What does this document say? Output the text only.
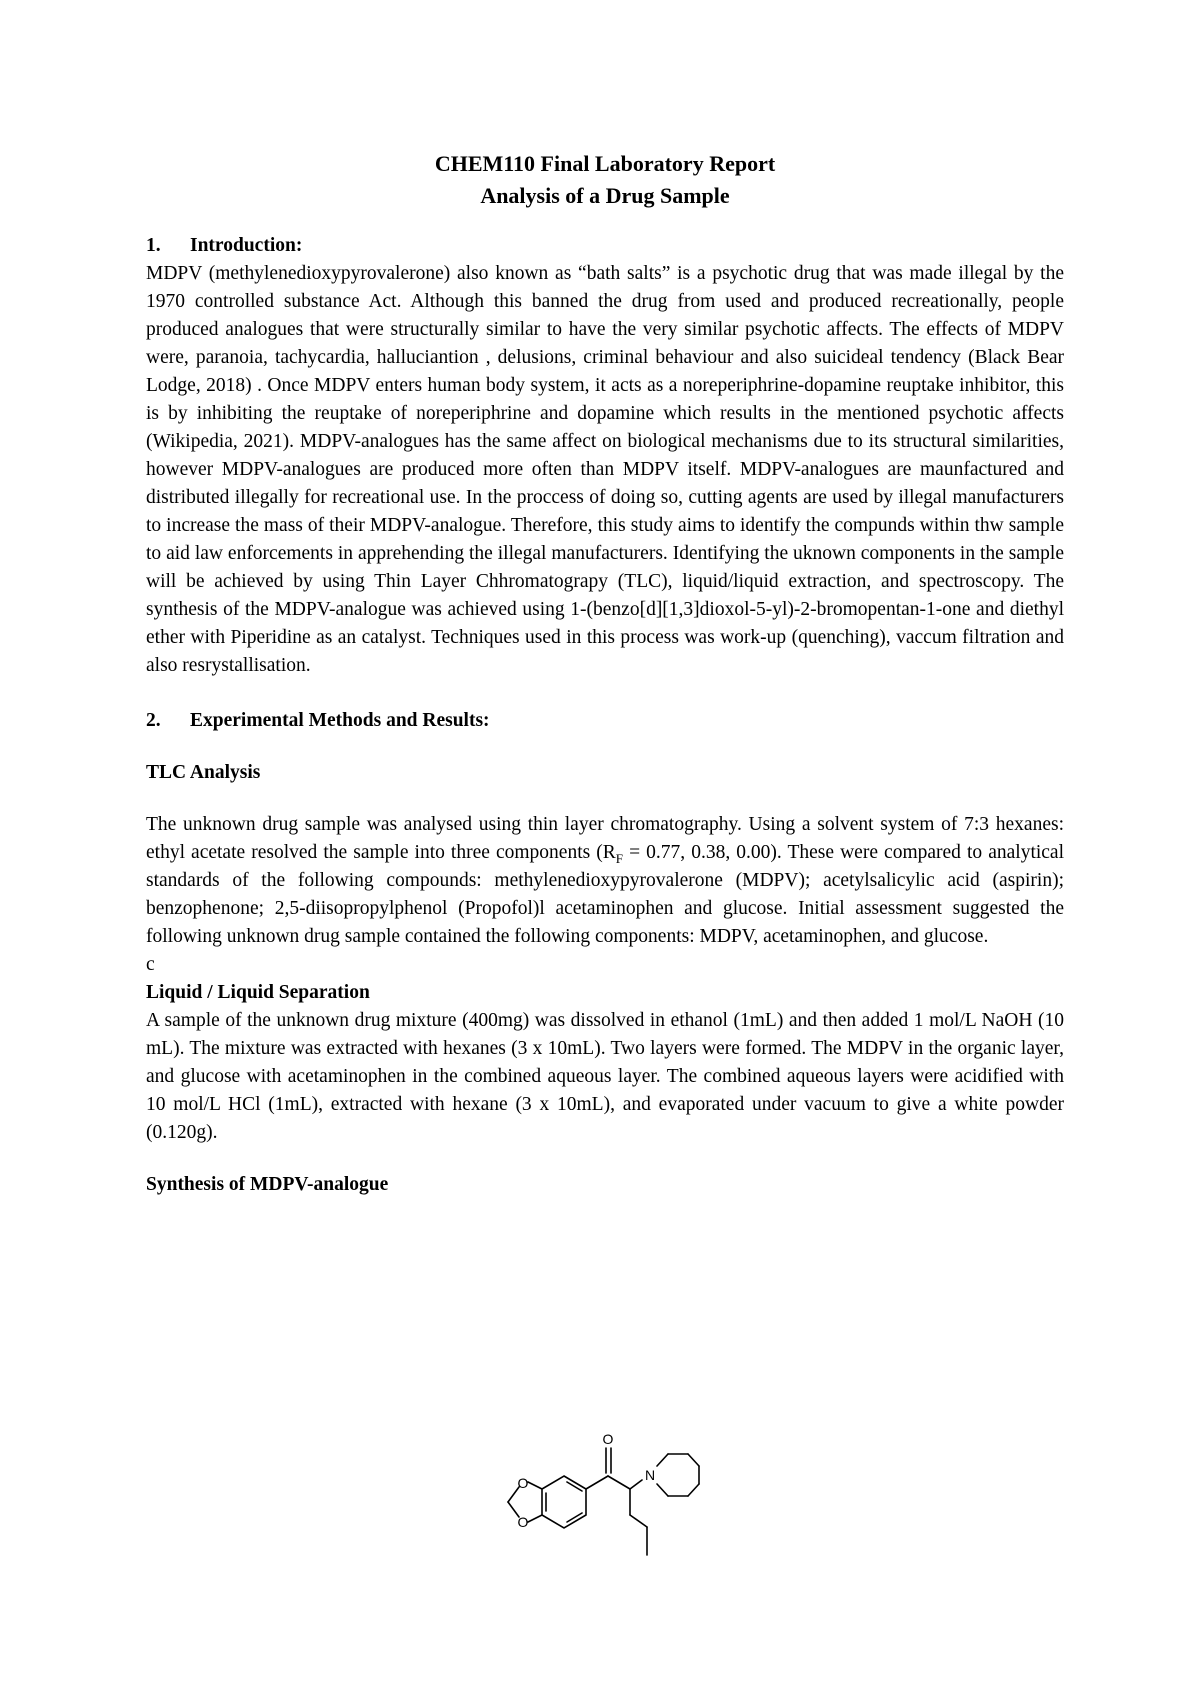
CHEM110 Final Laboratory Report

Analysis of a Drug Sample

1. Introduction:

MDPV (methylenedioxypyrovalerone) also known as “bath salts” is a psychotic drug that was made illegal by the 1970 controlled substance Act. Although this banned the drug from used and produced recreationally, people produced analogues that were structurally similar to have the very similar psychotic affects. The effects of MDPV were, paranoia, tachycardia, halluciantion , delusions, criminal behaviour and also suicideal tendency (Black Bear Lodge, 2018) . Once MDPV enters human body system, it acts as a noreperiphrine-dopamine reuptake inhibitor, this is by inhibiting the reuptake of noreperiphrine and dopamine which results in the mentioned psychotic affects (Wikipedia, 2021). MDPV-analogues has the same affect on biological mechanisms due to its structural similarities, however MDPV-analogues are produced more often than MDPV itself. MDPV-analogues are maunfactured and distributed illegally for recreational use. In the proccess of doing so, cutting agents are used by illegal manufacturers to increase the mass of their MDPV-analogue. Therefore, this study aims to identify the compunds within thw sample to aid law enforcements in apprehending the illegal manufacturers. Identifying the uknown components in the sample will be achieved by using Thin Layer Chhromatograpy (TLC), liquid/liquid extraction, and spectroscopy. The synthesis of the MDPV-analogue was achieved using 1-(benzo[d][1,3]dioxol-5-yl)-2-bromopentan-1-one and diethyl ether with Piperidine as an catalyst. Techniques used in this process was work-up (quenching), vaccum filtration and also resrystallisation.

2. Experimental Methods and Results:

TLC Analysis

The unknown drug sample was analysed using thin layer chromatography. Using a solvent system of 7:3 hexanes: ethyl acetate resolved the sample into three components ($R_F = 0.77$, 0.38, 0.00). These were compared to analytical standards of the following compounds: methylenedioxypyrovalerone (MDPV); acetylsalicylic acid (aspirin); benzophenone; 2,5-diisopropylphenol (Propofol)l acetaminophen and glucose. Initial assessment suggested the following unknown drug sample contained the following components: MDPV, acetaminophen, and glucose.

c

Liquid / Liquid Separation

A sample of the unknown drug mixture (400mg) was dissolved in ethanol (1mL) and then added 1 mol/L NaOH (10 mL). The mixture was extracted with hexanes (3 x 10mL). Two layers were formed. The MDPV in the organic layer, and glucose with acetaminophen in the combined aqueous layer. The combined aqueous layers were acidified with 10 mol/L HCl (1mL), extracted with hexane (3 x 10mL), and evaporated under vacuum to give a white powder (0.120g).

Synthesis of MDPV-analogue

O
O
O
N
